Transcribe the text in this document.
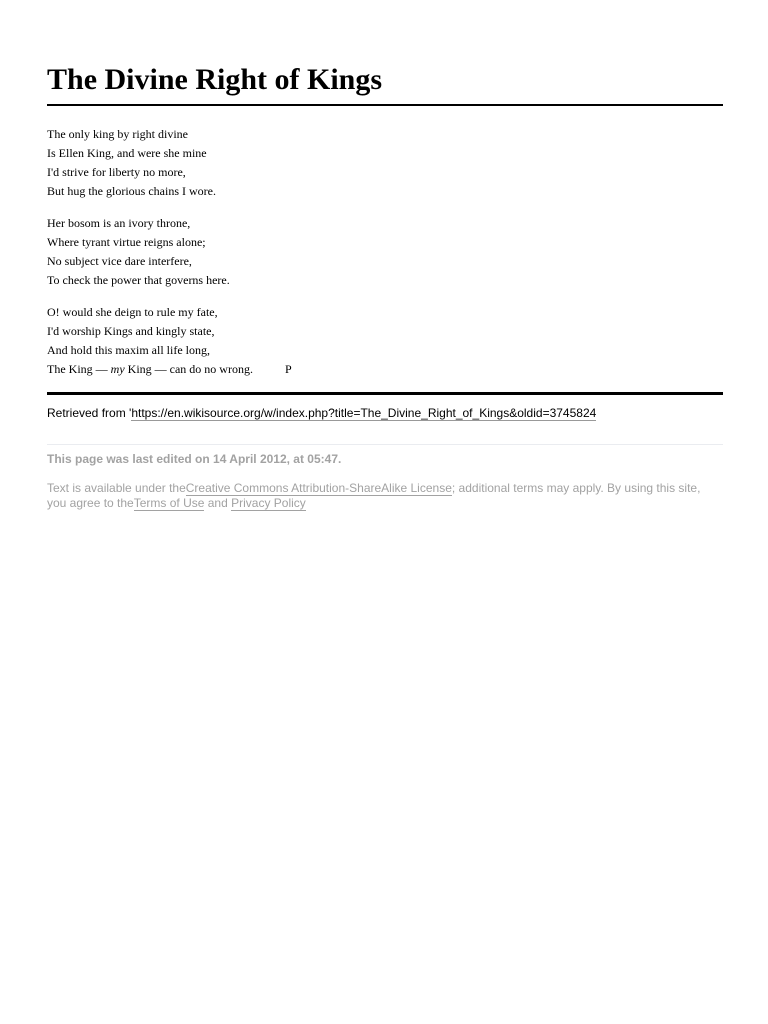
The Divine Right of Kings
The only king by right divine
Is Ellen King, and were she mine
I'd strive for liberty no more,
But hug the glorious chains I wore.
Her bosom is an ivory throne,
Where tyrant virtue reigns alone;
No subject vice dare interfere,
To check the power that governs here.
O! would she deign to rule my fate,
I'd worship Kings and kingly state,
And hold this maxim all life long,
The King — my King — can do no wrong.	P
Retrieved from 'https://en.wikisource.org/w/index.php?title=The_Divine_Right_of_Kings&oldid=3745824
This page was last edited on 14 April 2012, at 05:47.
Text is available under theCreative Commons Attribution-ShareAlike License; additional terms may apply. By using this site, you agree to theTerms of Use and Privacy Policy
